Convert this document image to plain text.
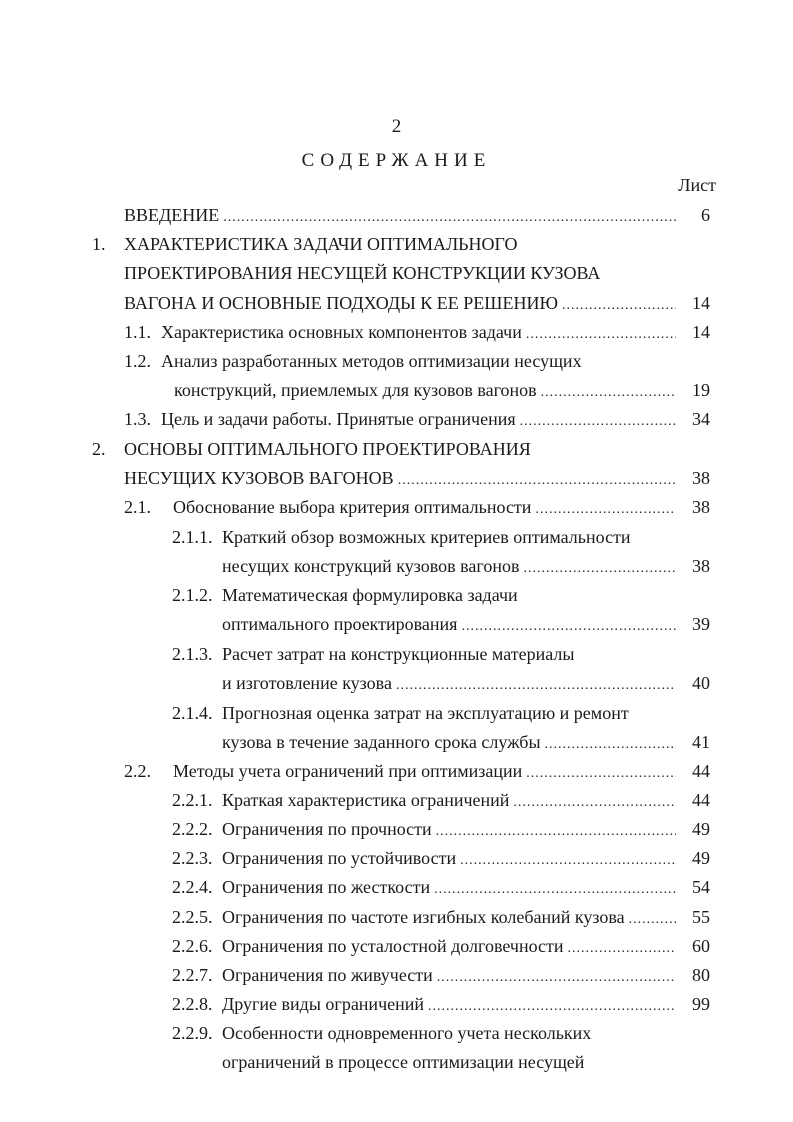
2
СОДЕРЖАНИЕ
Лист
ВВЕДЕНИЕ .....	6
1. ХАРАКТЕРИСТИКА ЗАДАЧИ ОПТИМАЛЬНОГО
ПРОЕКТИРОВАНИЯ НЕСУЩЕЙ КОНСТРУКЦИИ КУЗОВА
ВАГОНА И ОСНОВНЫЕ ПОДХОДЫ К ЕЕ РЕШЕНИЮ .....	14
1.1. Характеристика основных компонентов задачи .....	14
1.2. Анализ разработанных методов оптимизации несущих
конструкций, приемлемых для кузовов вагонов .....	19
1.3. Цель и задачи работы. Принятые ограничения .....	34
2. ОСНОВЫ ОПТИМАЛЬНОГО ПРОЕКТИРОВАНИЯ
НЕСУЩИХ КУЗОВОВ ВАГОНОВ .....	38
2.1. Обоснование выбора критерия оптимальности .....	38
2.1.1. Краткий обзор возможных критериев оптимальности
несущих конструкций кузовов вагонов .....	38
2.1.2. Математическая формулировка задачи
оптимального проектирования .....	39
2.1.3. Расчет затрат на конструкционные материалы
и изготовление кузова .....	40
2.1.4. Прогнозная оценка затрат на эксплуатацию и ремонт
кузова в течение заданного срока службы .....	41
2.2. Методы учета ограничений при оптимизации .....	44
2.2.1. Краткая характеристика ограничений .....	44
2.2.2. Ограничения по прочности .....	49
2.2.3. Ограничения по устойчивости .....	49
2.2.4. Ограничения по жесткости .....	54
2.2.5. Ограничения по частоте изгибных колебаний кузова .....	55
2.2.6. Ограничения по усталостной долговечности .....	60
2.2.7. Ограничения по живучести .....	80
2.2.8. Другие виды ограничений .....	99
2.2.9. Особенности одновременного учета нескольких
ограничений в процессе оптимизации несущей
